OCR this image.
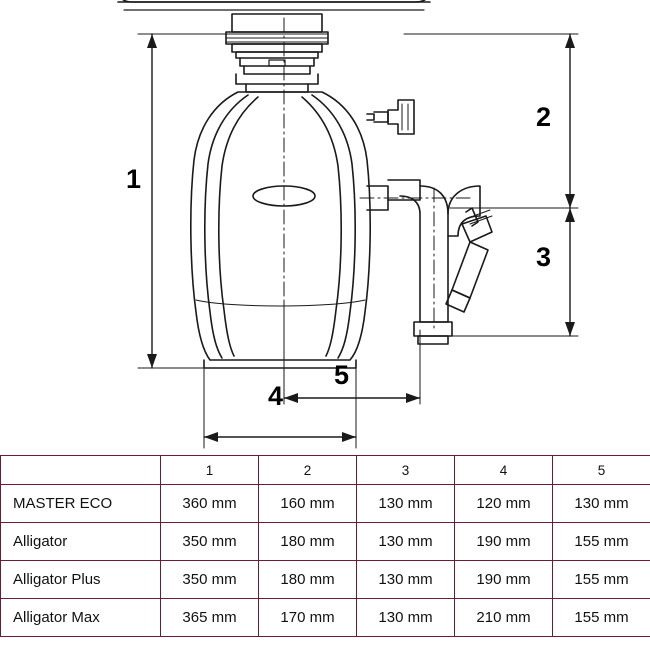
1
2
3
4
5
	1	2	3	4	5
MASTER ECO	360 mm	160 mm	130 mm	120 mm	130 mm
Alligator	350 mm	180 mm	130 mm	190 mm	155 mm
Alligator Plus	350 mm	180 mm	130 mm	190 mm	155 mm
Alligator Max	365 mm	170 mm	130 mm	210 mm	155 mm
